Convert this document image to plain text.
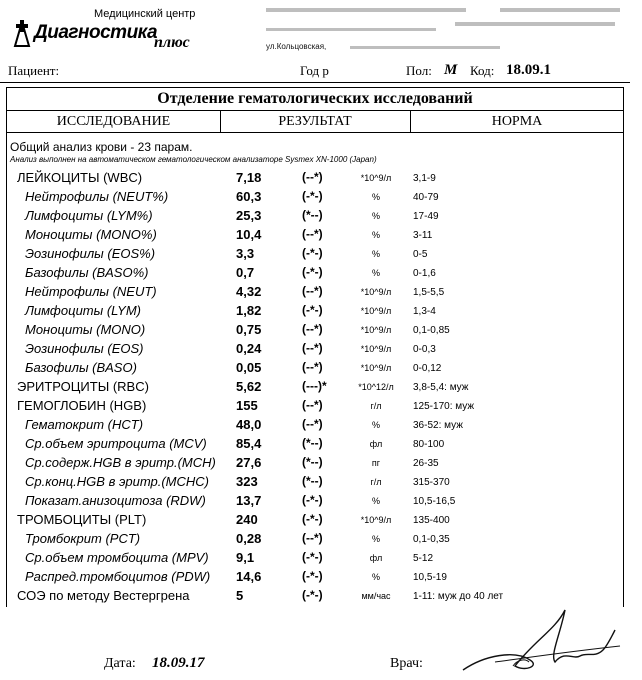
Медицинский центр
Диагностика
плюс	ул.Кольцовская,
Пациент:	Год р	Пол: М Код: 18.09.1
Отделение гематологических исследований
ИССЛЕДОВАНИЕ	РЕЗУЛЬТАТ	НОРМА
Общий анализ крови - 23 парам.
Анализ выполнен на автоматическом гематологическом анализаторе Sysmex XN-1000 (Japan)
ЛЕЙКОЦИТЫ (WBC)	7,18	(--*)	*10^9/л	3,1-9
Нейтрофилы (NEUT%)	60,3	(-*-)	%	40-79
Лимфоциты (LYM%)	25,3	(*--)	%	17-49
Моноциты (MONO%)	10,4	(--*)	%	3-11
Эозинофилы (EOS%)	3,3	(-*-)	%	0-5
Базофилы (BASO%)	0,7	(-*-)	%	0-1,6
Нейтрофилы (NEUT)	4,32	(--*)	*10^9/л	1,5-5,5
Лимфоциты (LYM)	1,82	(-*-)	*10^9/л	1,3-4
Моноциты (MONO)	0,75	(--*)	*10^9/л	0,1-0,85
Эозинофилы (EOS)	0,24	(--*)	*10^9/л	0-0,3
Базофилы (BASO)	0,05	(--*)	*10^9/л	0-0,12
ЭРИТРОЦИТЫ (RBC)	5,62	(---)*	*10^12/л	3,8-5,4: муж
ГЕМОГЛОБИН (HGB)	155	(--*)	г/л	125-170: муж
Гематокрит (HCT)	48,0	(--*)	%	36-52: муж
Ср.объем эритроцита (MCV) 85,4	(*--)	фл	80-100
Ср.содерж.HGB в эритр.(MCH) 27,6	(*--)	пг	26-35
Ср.конц.HGB в эритр.(MCHC) 323	(*--)	г/л	315-370
Показат.анизоцитоза (RDW) 13,7	(-*-)	%	10,5-16,5
ТРОМБОЦИТЫ (PLT)	240	(-*-)	*10^9/л	135-400
Тромбокрит (PCT)	0,28	(--*)	%	0,1-0,35
Ср.объем тромбоцита (MPV) 9,1	(-*-)	фл	5-12
Распред.тромбоцитов (PDW) 14,6	(-*-)	%	10,5-19
СОЭ по методу Вестергрена	5	(-*-)	мм/час	1-11: муж до 40 лет
Дата: 18.09.17	Врач:
